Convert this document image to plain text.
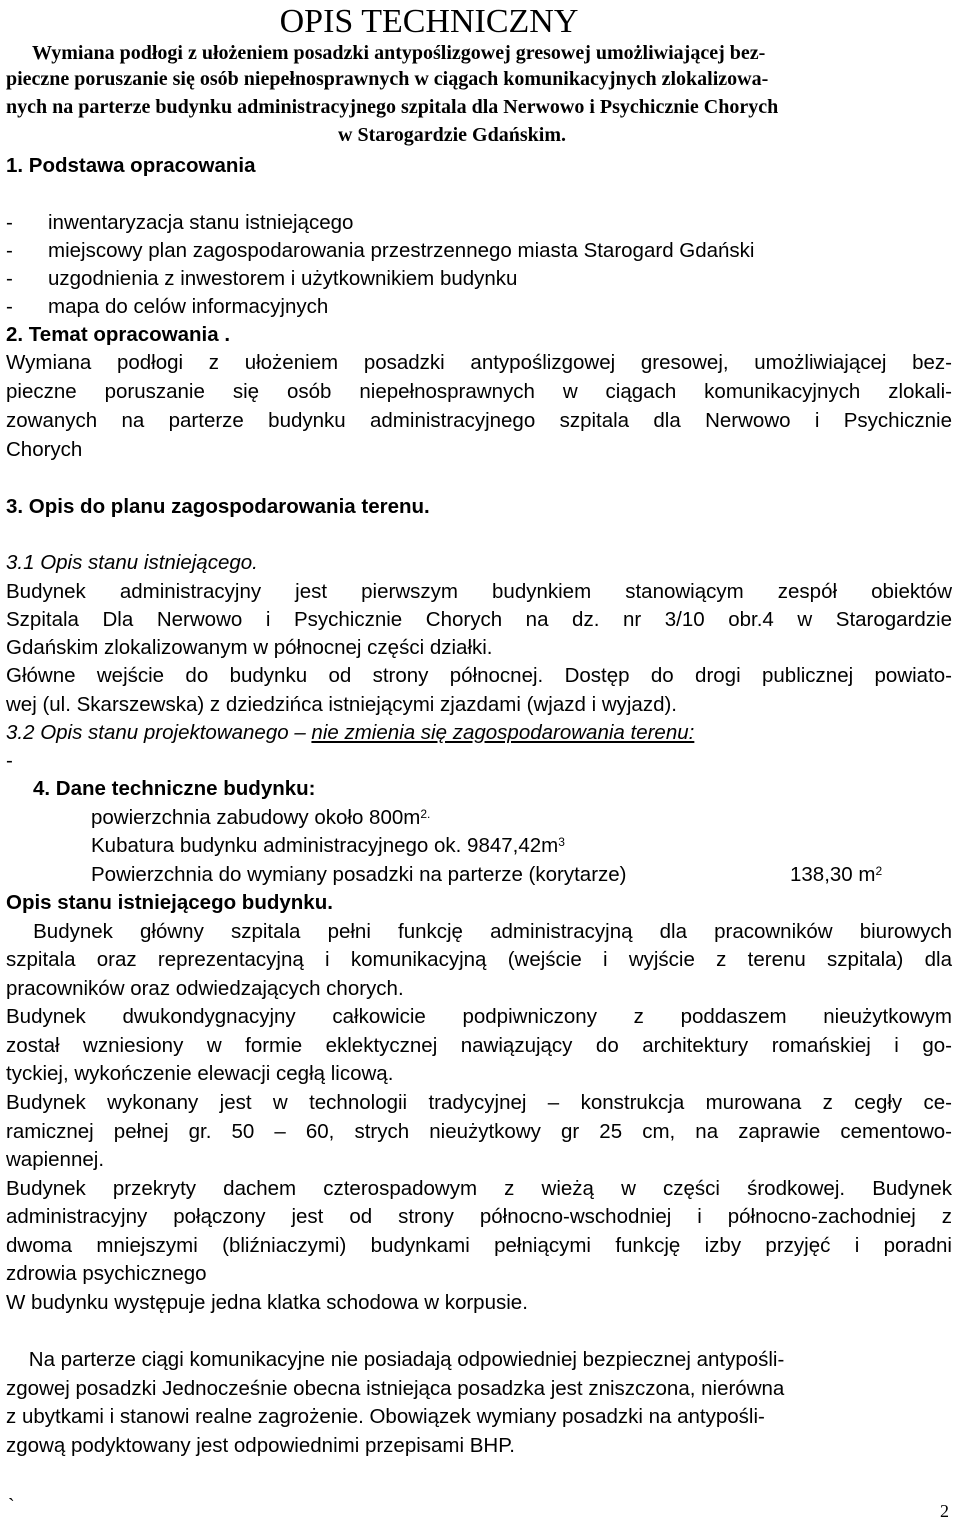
OPIS TECHNICZNY
Wymiana podłogi z ułożeniem posadzki antypoślizgowej gresowej umożliwiającej bez-
pieczne poruszanie się osób niepełnosprawnych w ciągach komunikacyjnych zlokalizowa-
nych na parterze budynku administracyjnego szpitala dla Nerwowo i Psychicznie Chorych
w Starogardzie Gdańskim.
1. Podstawa opracowania
- inwentaryzacja stanu istniejącego
- miejscowy plan zagospodarowania przestrzennego miasta Starogard Gdański
- uzgodnienia z inwestorem i użytkownikiem budynku
- mapa do celów informacyjnych
2. Temat opracowania .
Wymiana podłogi z ułożeniem posadzki antypoślizgowej gresowej, umożliwiającej bez-
pieczne poruszanie się osób niepełnosprawnych w ciągach komunikacyjnych zlokali-
zowanych na parterze budynku administracyjnego szpitala dla Nerwowo i Psychicznie
Chorych
3. Opis do planu zagospodarowania terenu.
3.1 Opis stanu istniejącego.
Budynek administracyjny jest pierwszym budynkiem stanowiącym zespół obiektów
Szpitala Dla Nerwowo i Psychicznie Chorych na dz. nr 3/10 obr.4 w Starogardzie
Gdańskim zlokalizowanym w północnej części działki.
Główne wejście do budynku od strony północnej. Dostęp do drogi publicznej powiato-
wej (ul. Skarszewska) z dziedzińca istniejącymi zjazdami (wjazd i wyjazd).
3.2 Opis stanu projektowanego – nie zmienia się zagospodarowania terenu:
-
4. Dane techniczne budynku:
powierzchnia zabudowy około $800m^{2.}$
Kubatura budynku administracyjnego ok. $9847,42m^3$
Powierzchnia do wymiany posadzki na parterze (korytarze)	138,30 $m^2$
Opis stanu istniejącego budynku.
Budynek główny szpitala pełni funkcję administracyjną dla pracowników biurowych
szpitala oraz reprezentacyjną i komunikacyjną (wejście i wyjście z terenu szpitala) dla
pracowników oraz odwiedzających chorych.
Budynek dwukondygnacyjny całkowicie podpiwniczony z poddaszem nieużytkowym
został wzniesiony w formie eklektycznej nawiązujący do architektury romańskiej i go-
tyckiej, wykończenie elewacji cegłą licową.
Budynek wykonany jest w technologii tradycyjnej – konstrukcja murowana z cegły ce-
ramicznej pełnej gr. 50 – 60, strych nieużytkowy gr 25 cm, na zaprawie cementowo-
wapiennej.
Budynek przekryty dachem czterospadowym z wieżą w części środkowej. Budynek
administracyjny połączony jest od strony północno-wschodniej i północno-zachodniej z
dwoma mniejszymi (bliźniaczymi) budynkami pełniącymi funkcję izby przyjęć i poradni
zdrowia psychicznego
W budynku występuje jedna klatka schodowa w korpusie.
Na parterze ciągi komunikacyjne nie posiadają odpowiedniej bezpiecznej antypośli-
zgowej posadzki Jednocześnie obecna istniejąca posadzka jest zniszczona, nierówna
z ubytkami i stanowi realne zagrożenie. Obowiązek wymiany posadzki na antypośli-
zgową podyktowany jest odpowiednimi przepisami BHP.
`	2
